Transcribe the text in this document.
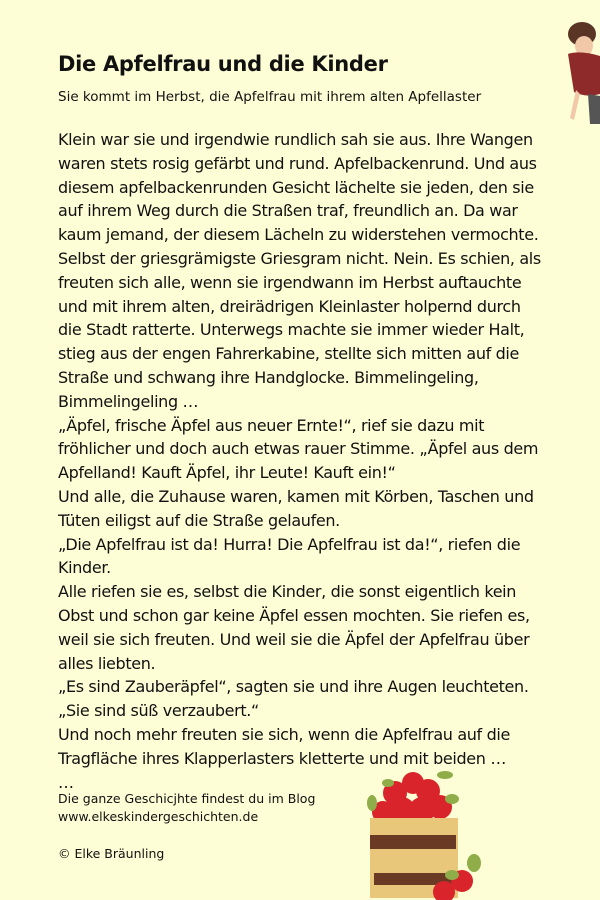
Die Apfelfrau und die Kinder
Sie kommt im Herbst, die Apfelfrau mit ihrem alten Apfellaster
Klein war sie und irgendwie rundlich sah sie aus. Ihre Wangen
waren stets rosig gefärbt und rund. Apfelbackenrund. Und aus
diesem apfelbackenrunden Gesicht lächelte sie jeden, den sie
auf ihrem Weg durch die Straßen traf, freundlich an. Da war
kaum jemand, der diesem Lächeln zu widerstehen vermochte.
Selbst der griesgrämigste Griesgram nicht. Nein. Es schien, als
freuten sich alle, wenn sie irgendwann im Herbst auftauchte
und mit ihrem alten, dreirädrigen Kleinlaster holpernd durch
die Stadt ratterte. Unterwegs machte sie immer wieder Halt,
stieg aus der engen Fahrerkabine, stellte sich mitten auf die
Straße und schwang ihre Handglocke. Bimmelingeling,
Bimmelingeling …
„Äpfel, frische Äpfel aus neuer Ernte!“, rief sie dazu mit
fröhlicher und doch auch etwas rauer Stimme. „Äpfel aus dem
Apfelland! Kauft Äpfel, ihr Leute! Kauft ein!“
Und alle, die Zuhause waren, kamen mit Körben, Taschen und
Tüten eiligst auf die Straße gelaufen.
„Die Apfelfrau ist da! Hurra! Die Apfelfrau ist da!“, riefen die
Kinder.
Alle riefen sie es, selbst die Kinder, die sonst eigentlich kein
Obst und schon gar keine Äpfel essen mochten. Sie riefen es,
weil sie sich freuten. Und weil sie die Äpfel der Apfelfrau über
alles liebten.
„Es sind Zauberäpfel“, sagten sie und ihre Augen leuchteten.
„Sie sind süß verzaubert.“
Und noch mehr freuten sie sich, wenn die Apfelfrau auf die
Tragfläche ihres Klapperlasters kletterte und mit beiden …
…
Die ganze Geschicjhte findest du im Blog
www.elkeskindergeschichten.de
© Elke Bräunling
